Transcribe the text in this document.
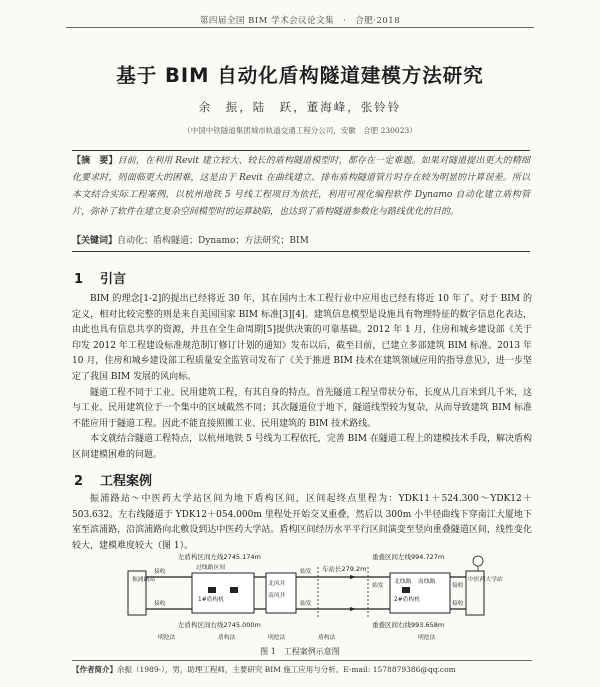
第四届全国 BIM 学术会议论文集　·　合肥·2018
基于 BIM 自动化盾构隧道建模方法研究
余　振，陆　跃，董海峰，张铃铃
（中国中铁隧道集团城市轨道交通工程分公司，安徽　合肥 230023）
【摘　要】目前，在利用 Revit 建立较大、较长的盾构隧道模型时，都存在一定难题。如果对隧道提出更大的精细化要求时，则面临更大的困难，这是由于 Revit 在曲线建立、排布盾构隧道管片时存在较为明显的计算误差。所以本文结合实际工程案例，以杭州地铁 5 号线工程项目为依托，利用可视化编程软件 Dynamo 自动化建立盾构管片，弥补了软件在建立复杂空间模型时的运算缺陷，也达到了盾构隧道参数化与路线优化的目的。
【关键词】自动化；盾构隧道；Dynamo；方法研究；BIM
1 引言

BIM 的理念[1-2]的提出已经将近 30 年，其在国内土木工程行业中应用也已经有将近 10 年了。对于 BIM 的定义，相对比较完整的则是来自美国国家 BIM 标准[3][4]。建筑信息模型是设施具有物理特征的数字信息化表达，由此也具有信息共享的资源，并且在全生命周期[5]提供决策的可靠基础。2012 年 1 月，住房和城乡建设部《关于印发 2012 年工程建设标准规范制订修订计划的通知》发布以后，截至目前，已建立多部建筑 BIM 标准。2013 年 10 月，住房和城乡建设部工程质量安全监管司发布了《关于推进 BIM 技术在建筑领域应用的指导意见》，进一步坚定了我国 BIM 发展的风向标。

隧道工程不同于工业、民用建筑工程，有其自身的特点。首先隧道工程呈带状分布，长度从几百米到几千米，这与工业、民用建筑位于一个集中的区域截然不同；其次隧道位于地下，隧道线型较为复杂，从而导致建筑 BIM 标准不能应用于隧道工程。因此不能直接照搬工业、民用建筑的 BIM 技术路线。

本文就结合隧道工程特点，以杭州地铁 5 号线为工程依托，完善 BIM 在隧道工程上的建模技术手段，解决盾构区间建模困难的问题。

2 工程案例

振浦路站～中医药大学站区间为地下盾构区间，区间起终点里程为：YDK11＋524.300～YDK12＋503.632。左右线隧道于 YDK12＋054.000m 里程处开始交叉重叠，然后以 300m 小半径曲线下穿南江大厦地下室至滨浦路，沿滨浦路向北敷设到达中医药大学站。盾构区间经历水平平行区间演变至竖向重叠隧道区间，线性变化较大，建模难度较大（图 1）。

振浦路站	中医药大学站
左盾构区间左线2745.174m
左盾构区间右线2745.000m
重叠区间左线994.727m
重叠区间右线993.658m
车站长279.2m
接收
接收
始发
始发
始发	接收
接收
过线路区间
1#盾构机	2#盾构机
北风井
南风井
北线路 南线路
明挖法	盾构法	明挖法	盾构法	明挖法
图 1　工程案例示意图
【作者简介】余振（1989-），男，助理工程师，主要研究 BIM 施工应用与分析。E-mail: 1578879386@qq.com
